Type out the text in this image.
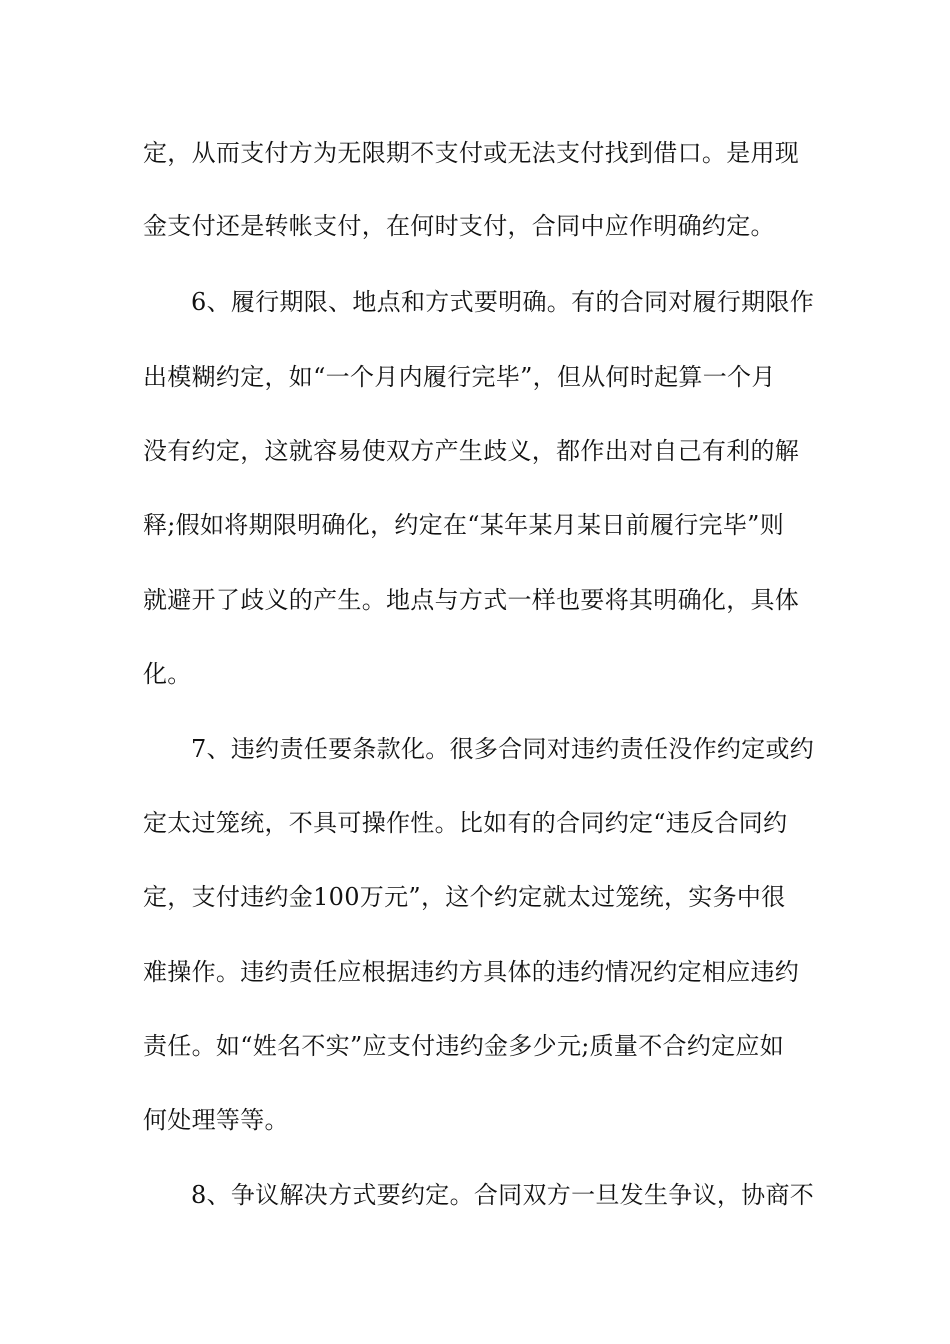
定，从而支付方为无限期不支付或无法支付找到借口。是用现
金支付还是转帐支付，在何时支付，合同中应作明确约定。
6、履行期限、地点和方式要明确。有的合同对履行期限作
出模糊约定，如“一个月内履行完毕”，但从何时起算一个月
没有约定，这就容易使双方产生歧义，都作出对自己有利的解
释;假如将期限明确化，约定在“某年某月某日前履行完毕”则
就避开了歧义的产生。地点与方式一样也要将其明确化，具体
化。
7、违约责任要条款化。很多合同对违约责任没作约定或约
定太过笼统，不具可操作性。比如有的合同约定“违反合同约
定，支付违约金100万元”，这个约定就太过笼统，实务中很
难操作。违约责任应根据违约方具体的违约情况约定相应违约
责任。如“姓名不实”应支付违约金多少元;质量不合约定应如
何处理等等。
8、争议解决方式要约定。合同双方一旦发生争议，协商不
